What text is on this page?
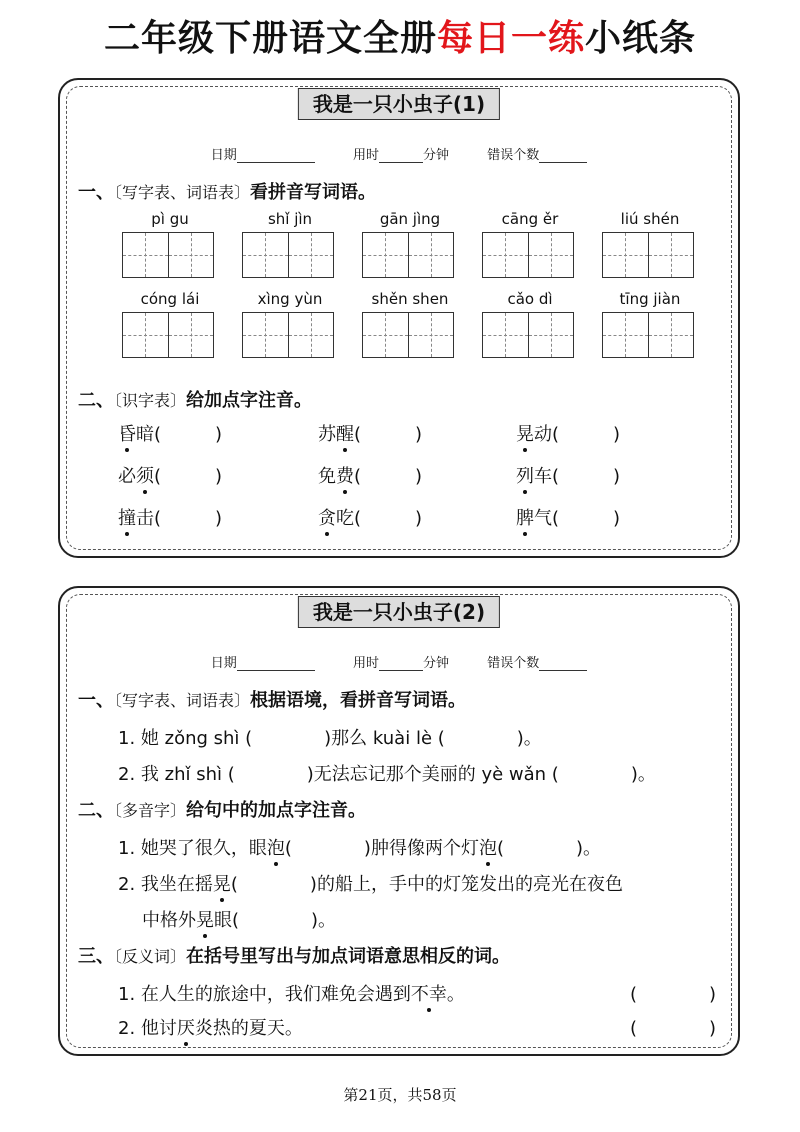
二年级下册语文全册每日一练小纸条
我是一只小虫子(1)
日期	用时	分钟	错误个数
一、〔写字表、词语表〕看拼音写词语。
pì gu	shǐ jìn	gān jìng	cāng ěr	liú shén
cóng lái	xìng yùn	shěn shen	cǎo dì	tīng jiàn
二、〔识字表〕给加点字注音。
昏暗(　　　)	苏醒(　　　)	晃动(　　　)
必须(　　　)	免费(　　　)	列车(　　　)
撞击(　　　)	贪吃(　　　)	脾气(　　　)
我是一只小虫子(2)
日期	用时	分钟	错误个数
一、〔写字表、词语表〕根据语境，看拼音写词语。
1. 她 zǒng shì (　　　　)那么 kuài lè (　　　　)。
2. 我 zhǐ shì (　　　　)无法忘记那个美丽的 yè wǎn (　　　　)。
二、〔多音字〕给句中的加点字注音。
1. 她哭了很久，眼泡(　　　　)肿得像两个灯泡(　　　　)。
2. 我坐在摇晃(　　　　)的船上，手中的灯笼发出的亮光在夜色
中格外晃眼(　　　　)。
三、〔反义词〕在括号里写出与加点词语意思相反的词。
1. 在人生的旅途中，我们难免会遇到不幸。	(　　　　)
2. 他讨厌炎热的夏天。	(　　　　)
第21页，共58页
